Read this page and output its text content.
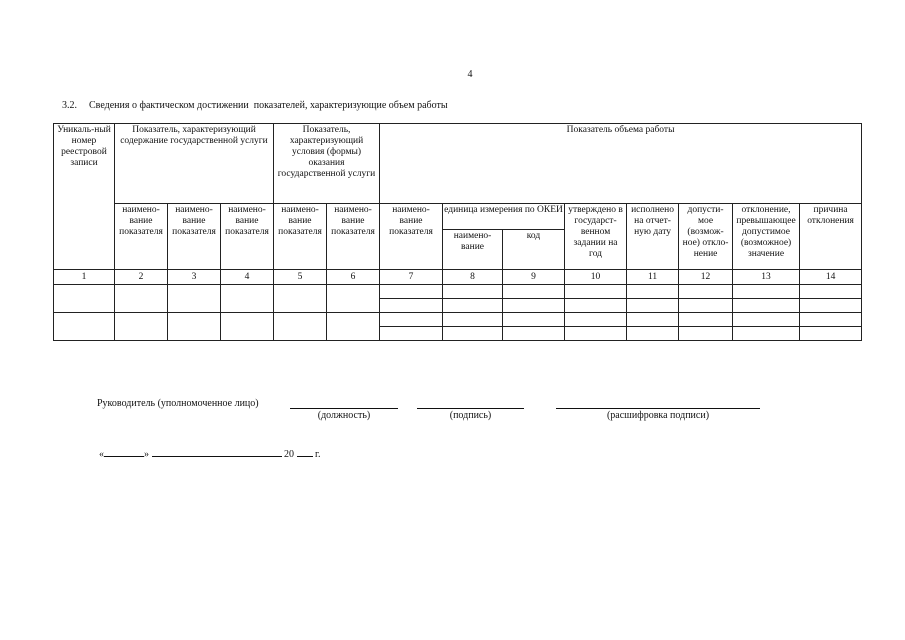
4
3.2. Сведения о фактическом достижении  показателей, характеризующие объем работы
Уникаль-ный номер реестровой записи	Показатель, характеризующий содержание государственной услуги			Показатель, характеризующий условия (формы) оказания государственной услуги		Показатель объема работы							
	наимено-вание показателя	наимено-вание показателя	наимено-вание показателя	наимено-вание показателя	наимено-вание показателя	наимено-вание показателя	единица измерения по ОКЕИ		утверждено в государст-венном задании на год	исполнено на отчет-ную дату	допусти-мое (возмож-ное) откло-нение	отклонение, превышающее допустимое (возможное) значение	причина отклонения
							наимено-вание	код					
1	2	3	4	5	6	7	8	9	10	11	12	13	14

Руководитель (уполномоченное лицо)
(должность)	(подпись)	(расшифровка подписи)
«	»	20 г.
